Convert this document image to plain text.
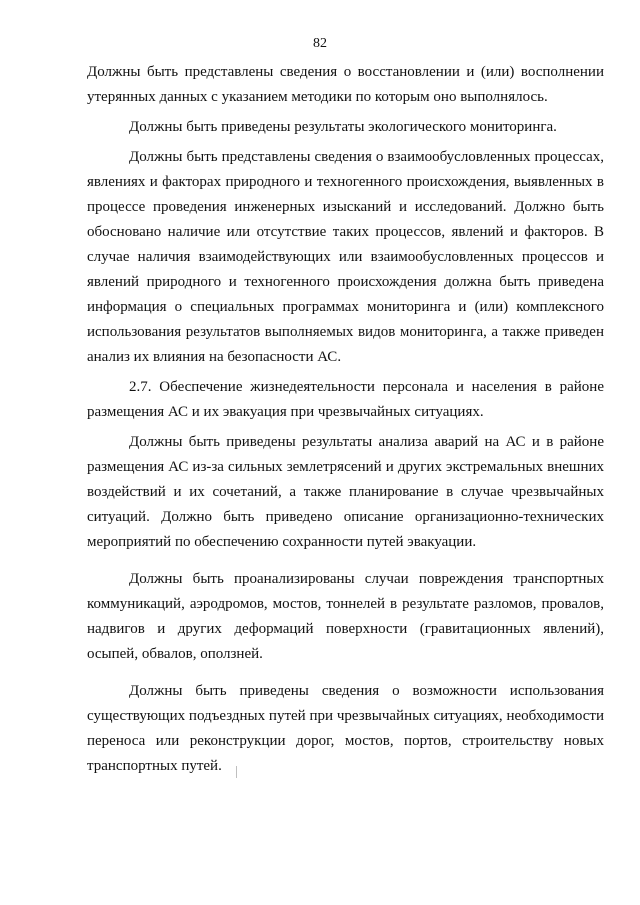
82

Должны быть представлены сведения о восстановлении и (или) восполнении утерянных данных с указанием методики по которым оно выполнялось.

Должны быть приведены результаты экологического мониторинга.

Должны быть представлены сведения о взаимообусловленных процессах, явлениях и факторах природного и техногенного происхождения, выявленных в процессе проведения инженерных изысканий и исследований. Должно быть обосновано наличие или отсутствие таких процессов, явлений и факторов. В случае наличия взаимодействующих или взаимообусловленных процессов и явлений природного и техногенного происхождения должна быть приведена информация о специальных программах мониторинга и (или) комплексного использования результатов выполняемых видов мониторинга, а также приведен анализ их влияния на безопасности АС.

2.7. Обеспечение жизнедеятельности персонала и населения в районе размещения АС и их эвакуация при чрезвычайных ситуациях.

Должны быть приведены результаты анализа аварий на АС и в районе размещения АС из-за сильных землетрясений и других экстремальных внешних воздействий и их сочетаний, а также планирование в случае чрезвычайных ситуаций. Должно быть приведено описание организационно-технических мероприятий по обеспечению сохранности путей эвакуации.

Должны быть проанализированы случаи повреждения транспортных коммуникаций, аэродромов, мостов, тоннелей в результате разломов, провалов, надвигов и других деформаций поверхности (гравитационных явлений), осыпей, обвалов, оползней.

Должны быть приведены сведения о возможности использования существующих подъездных путей при чрезвычайных ситуациях, необходимости переноса или реконструкции дорог, мостов, портов, строительству новых транспортных путей.
